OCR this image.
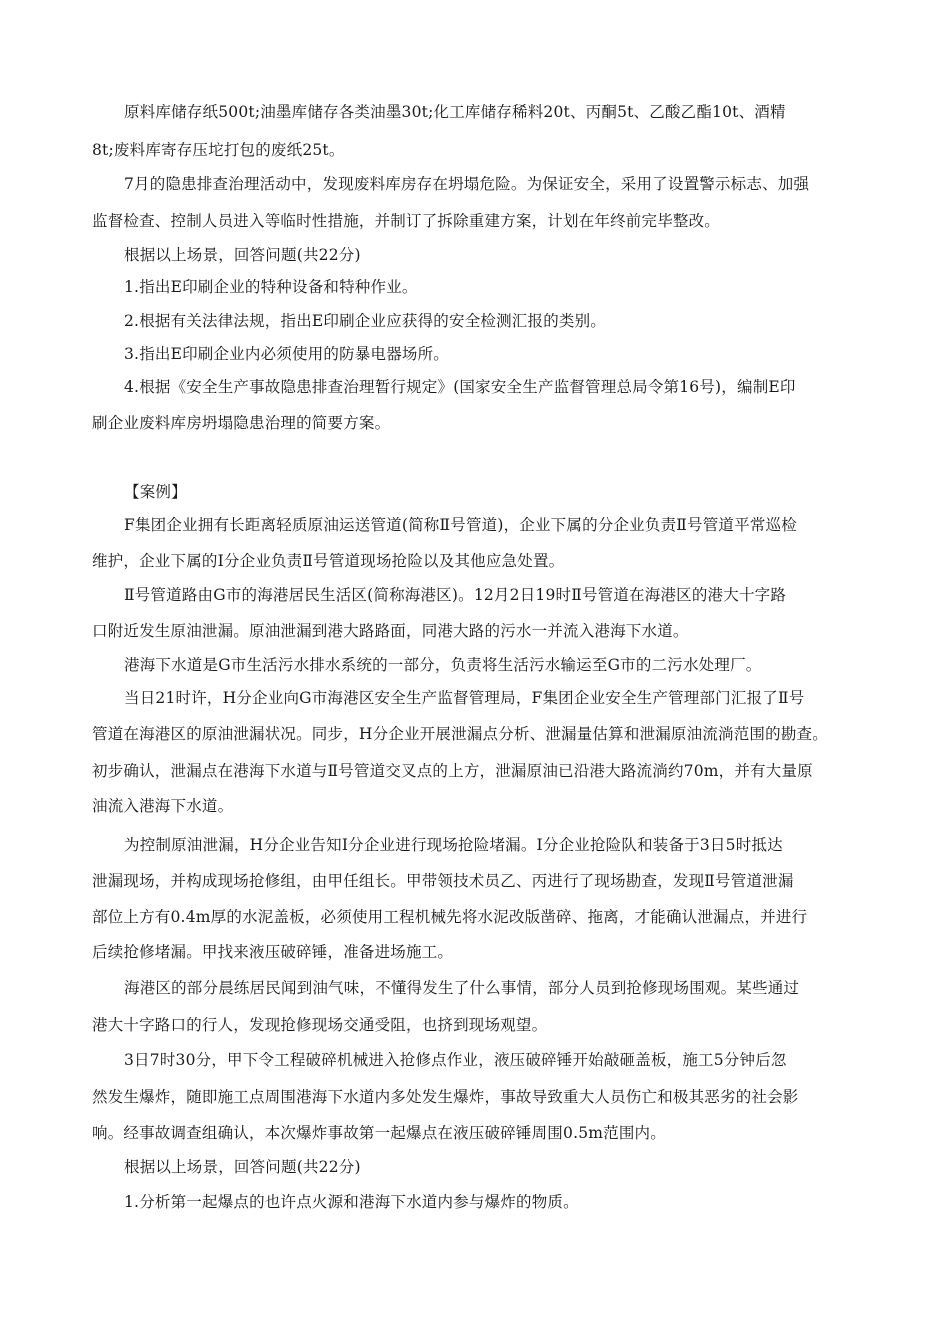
原料库储存纸500t;油墨库储存各类油墨30t;化工库储存稀料20t、丙酮5t、乙酸乙酯10t、酒精
8t;废料库寄存压坨打包的废纸25t。
7月的隐患排查治理活动中，发现废料库房存在坍塌危险。为保证安全，采用了设置警示标志、加强
监督检查、控制人员进入等临时性措施，并制订了拆除重建方案，计划在年终前完毕整改。
根据以上场景，回答问题(共22分)
1.指出E印刷企业的特种设备和特种作业。
2.根据有关法律法规，指出E印刷企业应获得的安全检测汇报的类别。
3.指出E印刷企业内必须使用的防暴电器场所。
4.根据《安全生产事故隐患排查治理暂行规定》(国家安全生产监督管理总局令第16号)，编制E印
刷企业废料库房坍塌隐患治理的简要方案。
【案例】
F集团企业拥有长距离轻质原油运送管道(简称Ⅱ号管道)，企业下属的分企业负责Ⅱ号管道平常巡检
维护，企业下属的Ⅰ分企业负责Ⅱ号管道现场抢险以及其他应急处置。
Ⅱ号管道路由G市的海港居民生活区(简称海港区)。12月2日19时Ⅱ号管道在海港区的港大十字路
口附近发生原油泄漏。原油泄漏到港大路路面，同港大路的污水一并流入港海下水道。
港海下水道是G市生活污水排水系统的一部分，负责将生活污水输运至G市的二污水处理厂。
当日21时许，H分企业向G市海港区安全生产监督管理局，F集团企业安全生产管理部门汇报了Ⅱ号
管道在海港区的原油泄漏状况。同步，H分企业开展泄漏点分析、泄漏量估算和泄漏原油流淌范围的勘查。
初步确认，泄漏点在港海下水道与Ⅱ号管道交叉点的上方，泄漏原油已沿港大路流淌约70m，并有大量原
油流入港海下水道。
为控制原油泄漏，H分企业告知Ⅰ分企业进行现场抢险堵漏。Ⅰ分企业抢险队和装备于3日5时抵达
泄漏现场，并构成现场抢修组，由甲任组长。甲带领技术员乙、丙进行了现场勘查，发现Ⅱ号管道泄漏
部位上方有0.4m厚的水泥盖板，必须使用工程机械先将水泥改版凿碎、拖离，才能确认泄漏点，并进行
后续抢修堵漏。甲找来液压破碎锤，准备进场施工。
海港区的部分晨练居民闻到油气味，不懂得发生了什么事情，部分人员到抢修现场围观。某些通过
港大十字路口的行人，发现抢修现场交通受阻，也挤到现场观望。
3日7时30分，甲下令工程破碎机械进入抢修点作业，液压破碎锤开始敲砸盖板，施工5分钟后忽
然发生爆炸，随即施工点周围港海下水道内多处发生爆炸，事故导致重大人员伤亡和极其恶劣的社会影
响。经事故调查组确认，本次爆炸事故第一起爆点在液压破碎锤周围0.5m范围内。
根据以上场景，回答问题(共22分)
1.分析第一起爆点的也许点火源和港海下水道内参与爆炸的物质。
